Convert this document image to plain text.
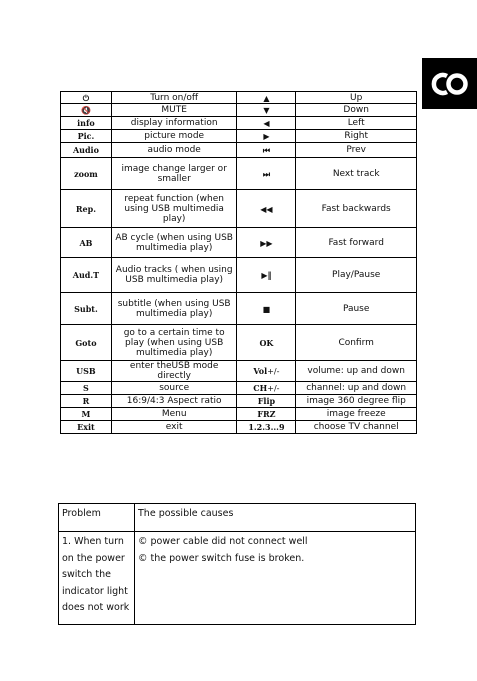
⏻	Turn on/off	▲	Up
🔇	MUTE	▼	Down
info	display information	◀	Left
Pic.	picture mode	▶	Right
Audio	audio mode	⏮	Prev
zoom	image change larger or smaller	⏭	Next track
Rep.	repeat function (when using USB multimedia play)	◀◀	Fast backwards
AB	AB cycle (when using USB multimedia play)	▶▶	Fast forward
Aud.T	Audio tracks ( when using USB multimedia play)	▶‖	Play/Pause
Subt.	subtitle (when using USB multimedia play)	■	Pause
Goto	go to a certain time to play (when using USB multimedia play)	OK	Confirm
USB	enter theUSB mode directly	Vol+/-	volume: up and down
S	source	CH+/-	channel: up and down
R	16:9/4:3 Aspect ratio	Flip	image 360 degree flip
M	Menu	FRZ	image freeze
Exit	exit	1.2.3...9	choose TV channel
Problem	The possible causes
1. When turn on the power switch the indicator light does not work	© power cable did not connect well
© the power switch fuse is broken.
